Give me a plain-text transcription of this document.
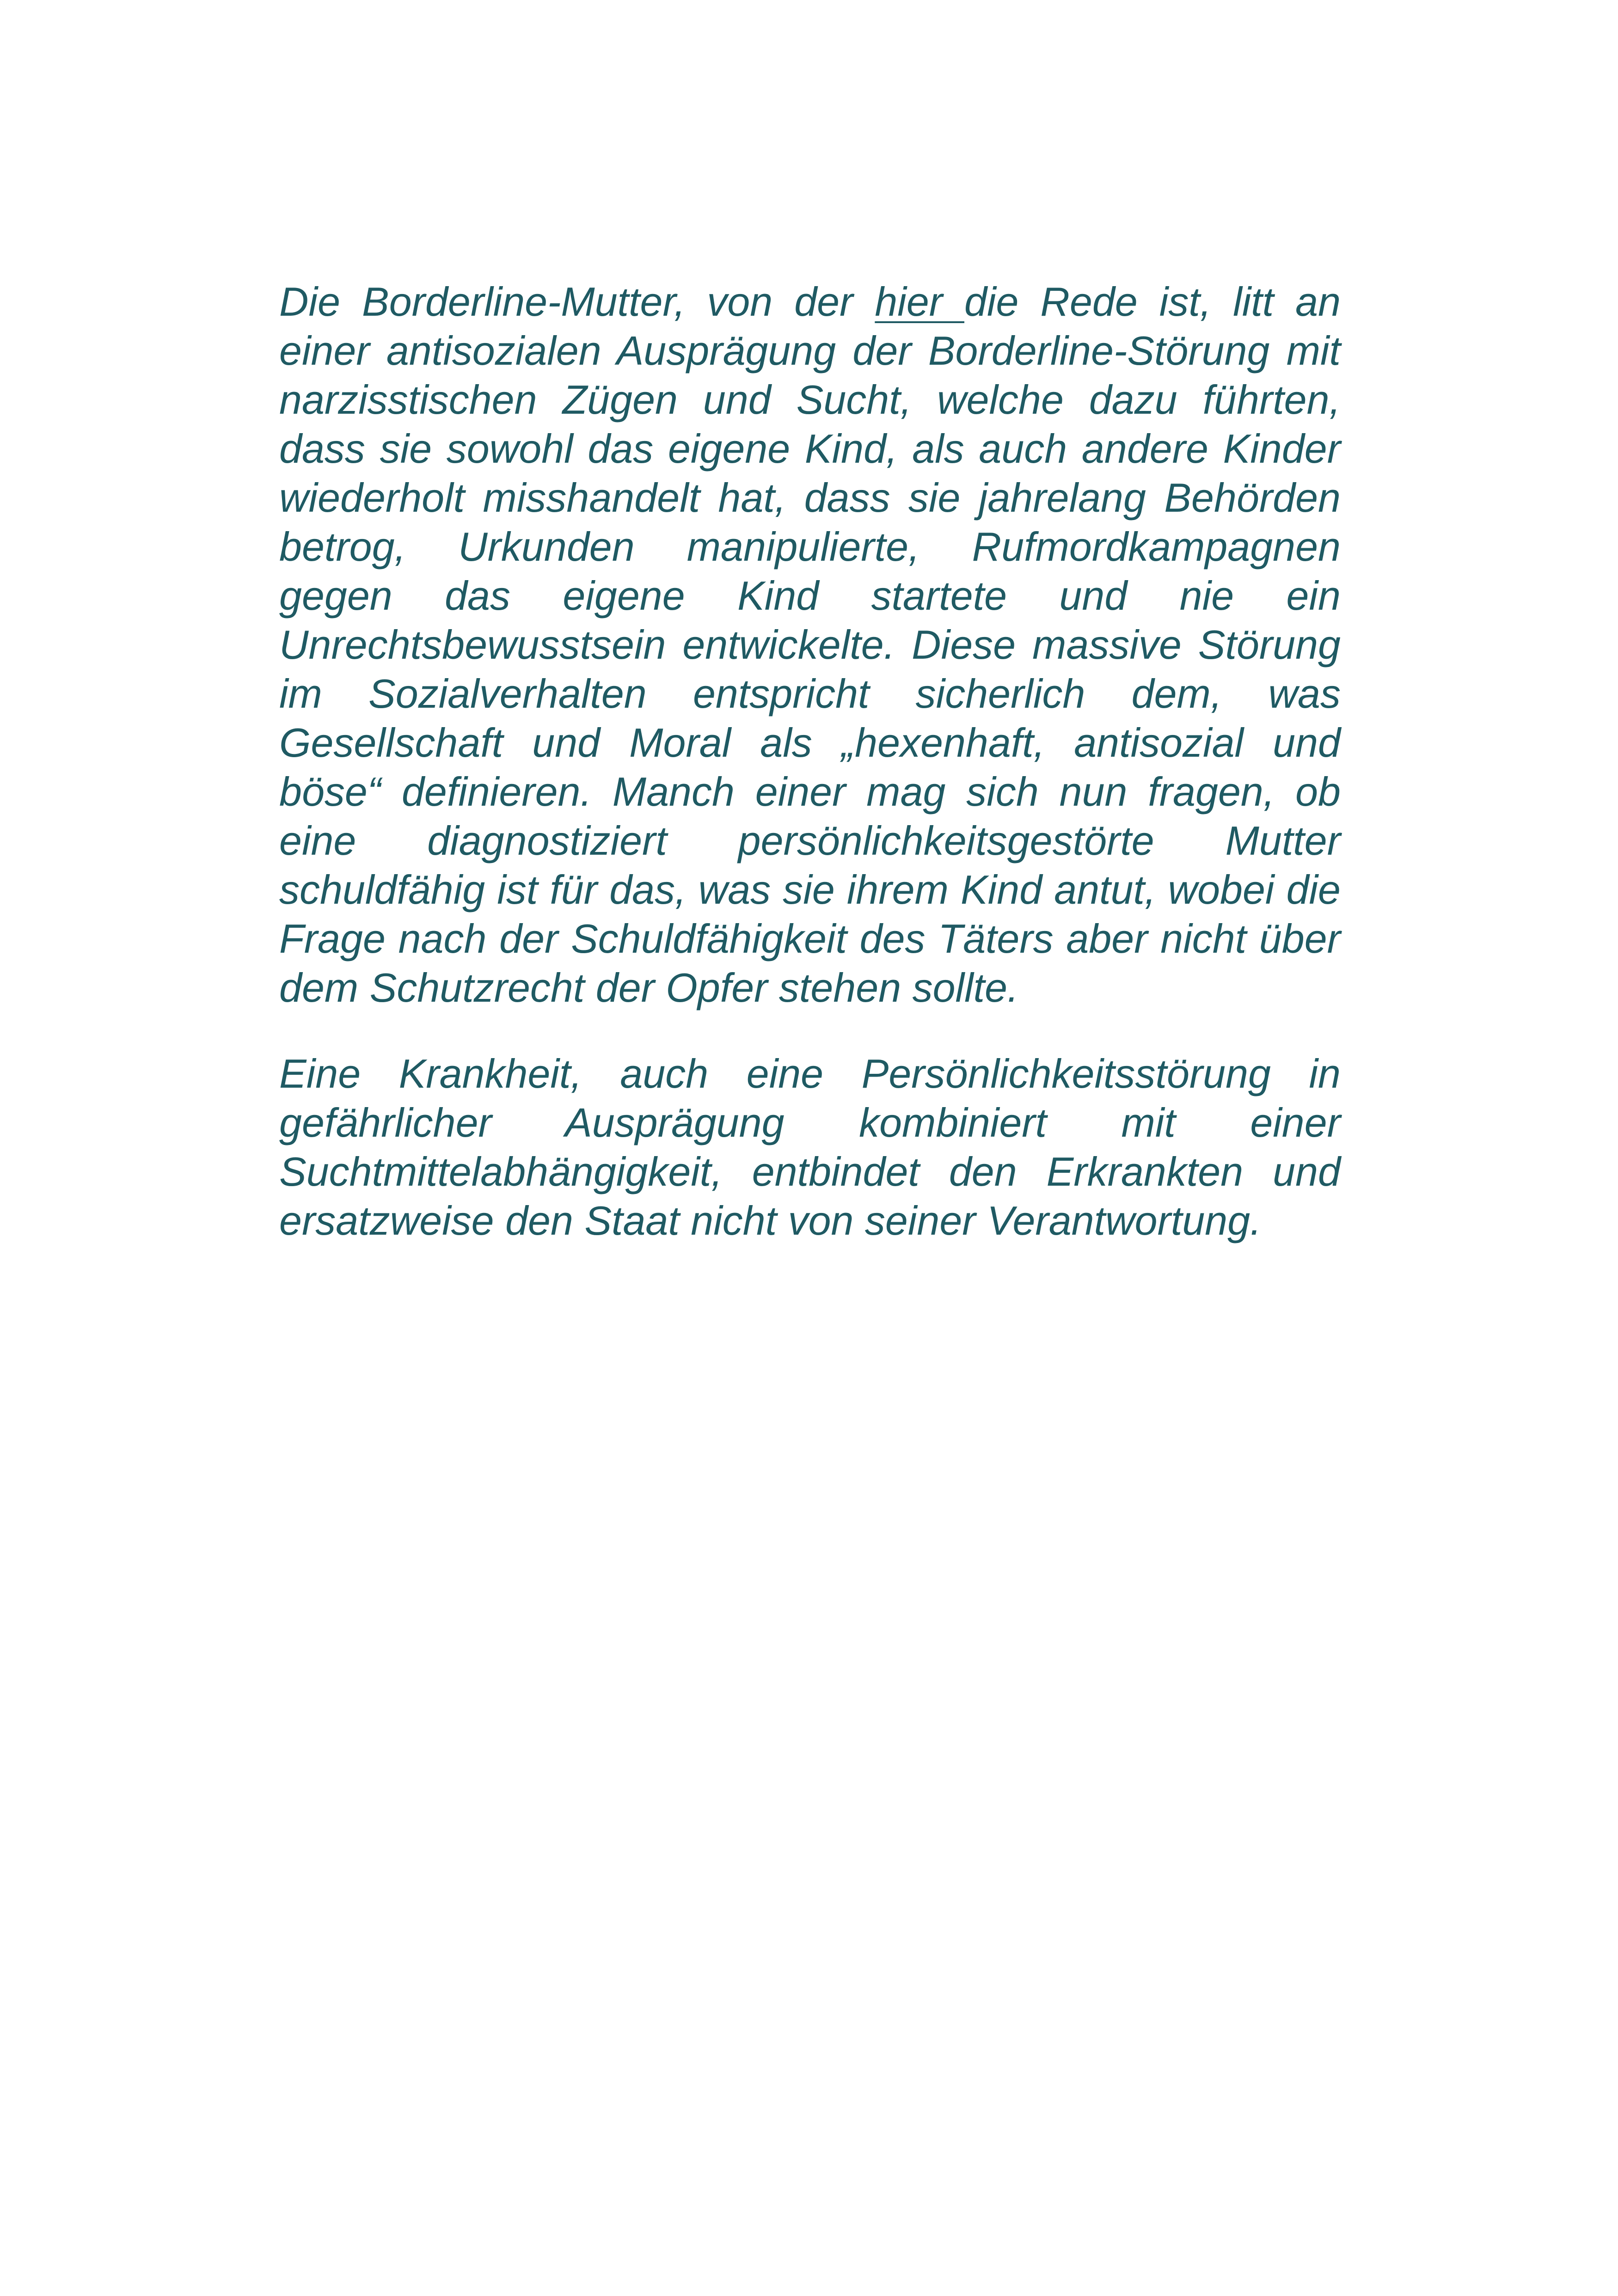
Die Borderline-Mutter, von der hier die Rede ist, litt an einer antisozialen Ausprägung der Borderline-Störung mit narzisstischen Zügen und Sucht, welche dazu führten, dass sie sowohl das eigene Kind, als auch andere Kinder wiederholt misshandelt hat, dass sie jahrelang Behörden betrog, Urkunden manipulierte, Rufmordkampagnen gegen das eigene Kind startete und nie ein Unrechtsbewusstsein entwickelte. Diese massive Störung im Sozialverhalten entspricht sicherlich dem, was Gesellschaft und Moral als „hexenhaft, antisozial und böse“ definieren. Manch einer mag sich nun fragen, ob eine diagnostiziert persönlichkeitsgestörte Mutter schuldfähig ist für das, was sie ihrem Kind antut, wobei die Frage nach der Schuldfähigkeit des Täters aber nicht über dem Schutzrecht der Opfer stehen sollte.

Eine Krankheit, auch eine Persönlichkeitsstörung in gefährlicher Ausprägung kombiniert mit einer Suchtmittelabhängigkeit, entbindet den Erkrankten und ersatzweise den Staat nicht von seiner Verantwortung.
